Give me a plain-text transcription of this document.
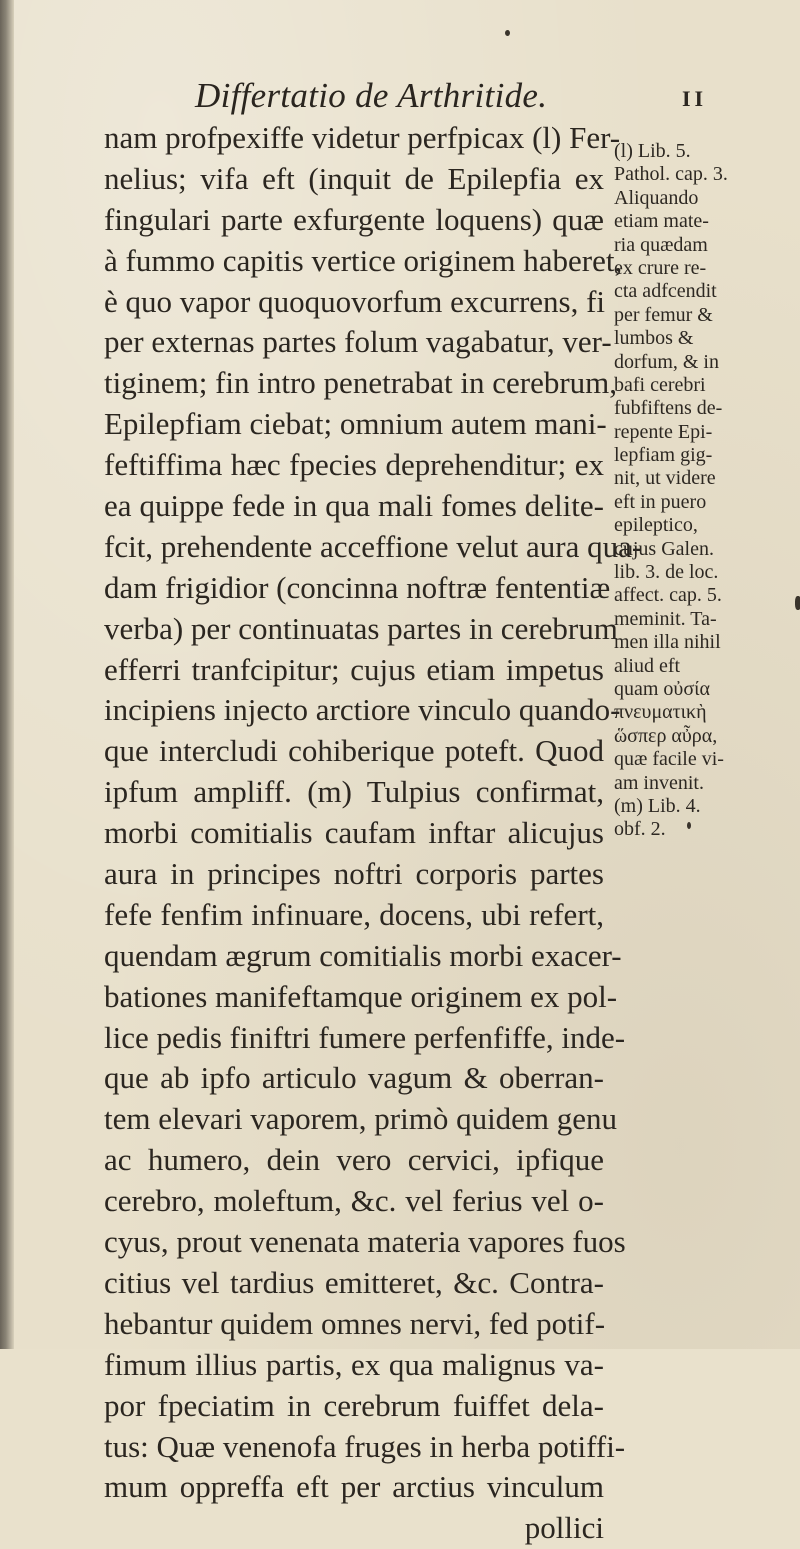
Differtatio de Arthritide.	II
nam profpexiffe videtur perfpicax (l) Fer-
nelius; vifa eft (inquit de Epilepfia ex
fingulari parte exfurgente loquens) quæ
à fummo capitis vertice originem haberet,
è quo vapor quoquovorfum excurrens, fi
per externas partes folum vagabatur, ver-
tiginem; fin intro penetrabat in cerebrum,
Epilepfiam ciebat; omnium autem mani-
feftiffima hæc fpecies deprehenditur; ex
ea quippe fede in qua mali fomes delite-
fcit, prehendente acceffione velut aura qua-
dam frigidior (concinna noftræ fententiæ
verba) per continuatas partes in cerebrum
efferri tranfcipitur; cujus etiam impetus
incipiens injecto arctiore vinculo quando-
que intercludi cohiberique poteft. Quod
ipfum ampliff. (m) Tulpius confirmat,
morbi comitialis caufam inftar alicujus
aura in principes noftri corporis partes
fefe fenfim infinuare, docens, ubi refert,
quendam ægrum comitialis morbi exacer-
bationes manifeftamque originem ex pol-
lice pedis finiftri fumere perfenfiffe, inde-
que ab ipfo articulo vagum & oberran-
tem elevari vaporem, primò quidem genu
ac humero, dein vero cervici, ipfique
cerebro, moleftum, &c. vel ferius vel o-
cyus, prout venenata materia vapores fuos
citius vel tardius emitteret, &c. Contra-
hebantur quidem omnes nervi, fed potif-
fimum illius partis, ex qua malignus va-
por fpeciatim in cerebrum fuiffet dela-
tus: Quæ venenofa fruges in herba potiffi-
mum oppreffa eft per arctius vinculum
pollici
(l) Lib. 5.
Pathol. cap. 3.
Aliquando
etiam mate-
ria quædam
ex crure re-
cta adfcendit
per femur &
lumbos &
dorfum, & in
bafi cerebri
fubfiftens de-
repente Epi-
lepfiam gig-
nit, ut videre
eft in puero
epileptico,
cujus Galen.
lib. 3. de loc.
affect. cap. 5.
meminit. Ta-
men illa nihil
aliud eft
quam οὐσία
πνευματικὴ
ὥσπερ αὖρα,
quæ facile vi-
am invenit.
(m) Lib. 4.
obf. 2.
